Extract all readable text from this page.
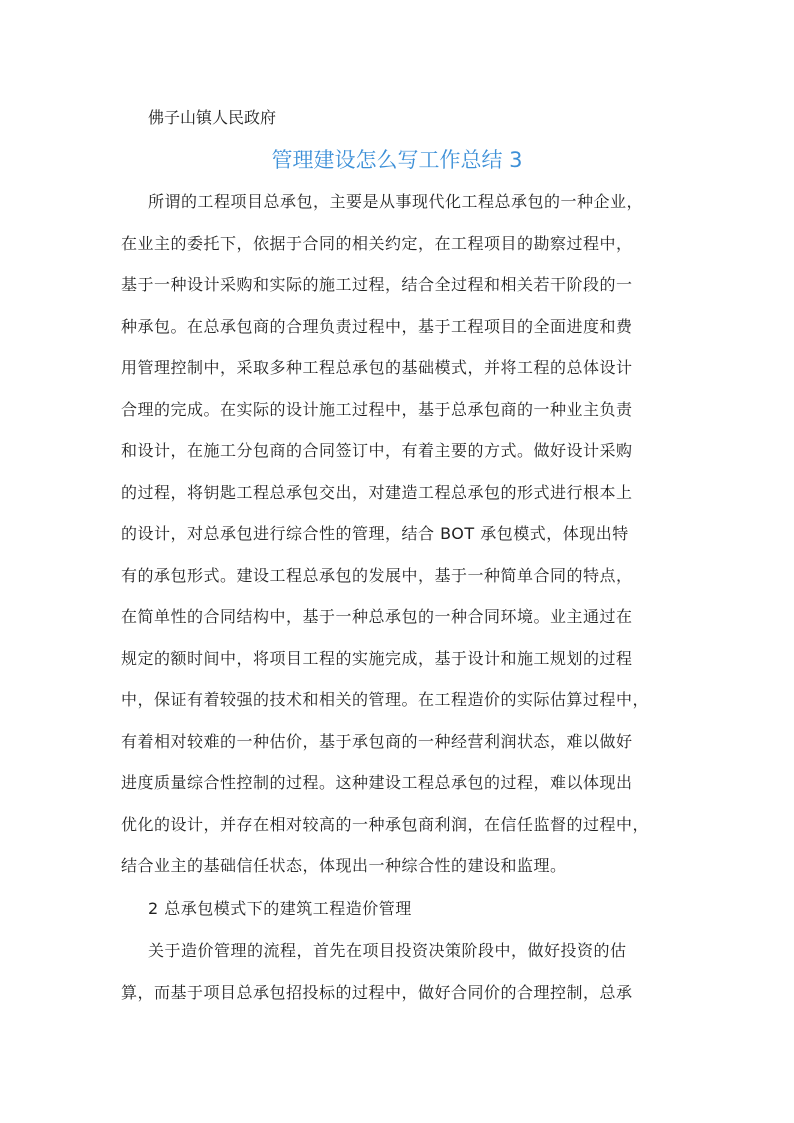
佛子山镇人民政府
管理建设怎么写工作总结 3
所谓的工程项目总承包，主要是从事现代化工程总承包的一种企业，
在业主的委托下，依据于合同的相关约定，在工程项目的勘察过程中，
基于一种设计采购和实际的施工过程，结合全过程和相关若干阶段的一
种承包。在总承包商的合理负责过程中，基于工程项目的全面进度和费
用管理控制中，采取多种工程总承包的基础模式，并将工程的总体设计
合理的完成。在实际的设计施工过程中，基于总承包商的一种业主负责
和设计，在施工分包商的合同签订中，有着主要的方式。做好设计采购
的过程，将钥匙工程总承包交出，对建造工程总承包的形式进行根本上
的设计，对总承包进行综合性的管理，结合 BOT 承包模式，体现出特
有的承包形式。建设工程总承包的发展中，基于一种简单合同的特点，
在简单性的合同结构中，基于一种总承包的一种合同环境。业主通过在
规定的额时间中，将项目工程的实施完成，基于设计和施工规划的过程
中，保证有着较强的技术和相关的管理。在工程造价的实际估算过程中，
有着相对较难的一种估价，基于承包商的一种经营利润状态，难以做好
进度质量综合性控制的过程。这种建设工程总承包的过程，难以体现出
优化的设计，并存在相对较高的一种承包商利润，在信任监督的过程中，
结合业主的基础信任状态，体现出一种综合性的建设和监理。
2 总承包模式下的建筑工程造价管理
关于造价管理的流程，首先在项目投资决策阶段中，做好投资的估
算，而基于项目总承包招投标的过程中，做好合同价的合理控制，总承
